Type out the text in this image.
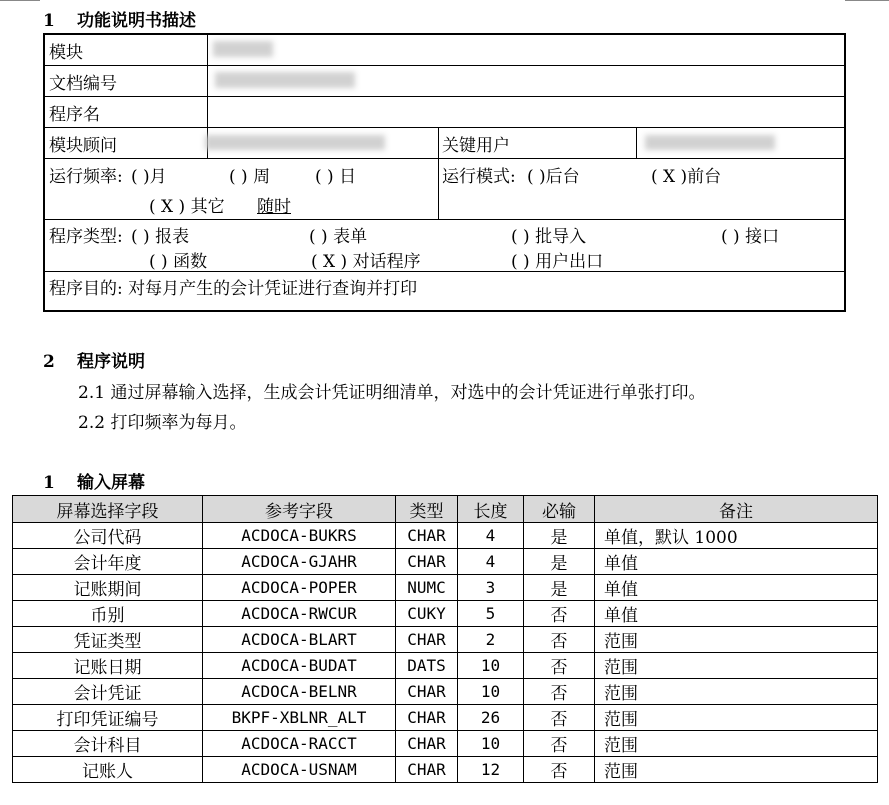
1 功能说明书描述
模块
文档编号
程序名
模块顾问	关键用户
运行频率: ( )月	( ) 周	( ) 日
( X ) 其它 随时
运行模式: ( )后台	( X )前台
程序类型: ( ) 报表	( ) 表单	( ) 批导入	( ) 接口
( ) 函数	( X ) 对话程序	( ) 用户出口
程序目的: 对每月产生的会计凭证进行查询并打印
2 程序说明
2.1 通过屏幕输入选择，生成会计凭证明细清单，对选中的会计凭证进行单张打印。
2.2 打印频率为每月。
1 输入屏幕
屏幕选择字段	参考字段	类型	长度	必输	备注
公司代码	ACDOCA-BUKRS	CHAR	4	是	单值，默认 1000
会计年度	ACDOCA-GJAHR	CHAR	4	是	单值
记账期间	ACDOCA-POPER	NUMC	3	是	单值
币别	ACDOCA-RWCUR	CUKY	5	否	单值
凭证类型	ACDOCA-BLART	CHAR	2	否	范围
记账日期	ACDOCA-BUDAT	DATS	10	否	范围
会计凭证	ACDOCA-BELNR	CHAR	10	否	范围
打印凭证编号	BKPF-XBLNR_ALT	CHAR	26	否	范围
会计科目	ACDOCA-RACCT	CHAR	10	否	范围
记账人	ACDOCA-USNAM	CHAR	12	否	范围
